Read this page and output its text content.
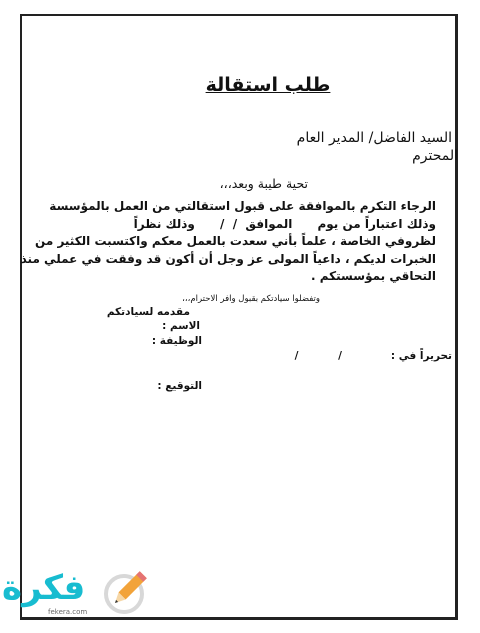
طلب استقالة
السيد الفاضل/ المدير العام
المحترم
تحية طيبة وبعد،،،

الرجاء التكرم بالموافقة على قبول استقالتي من العمل بالمؤسسة

وذلك اعتباراً من يوم      الموافق  /  /      وذلك نظراً

لظروفي الخاصة ، علماً بأني سعدت بالعمل معكم واكتسبت الكثير من

الخبرات لديكم ، داعياً المولى عز وجل أن أكون قد وفقت في عملي منذ

التحاقي بمؤسستكم .

وتفضلوا سيادتكم بقبول وافر الاحترام،،،
مقدمه لسيادتكم
الاسم :
الوظيفة :
تحريراً في :
/ /
التوقيع :
فكرة
fekera.com
